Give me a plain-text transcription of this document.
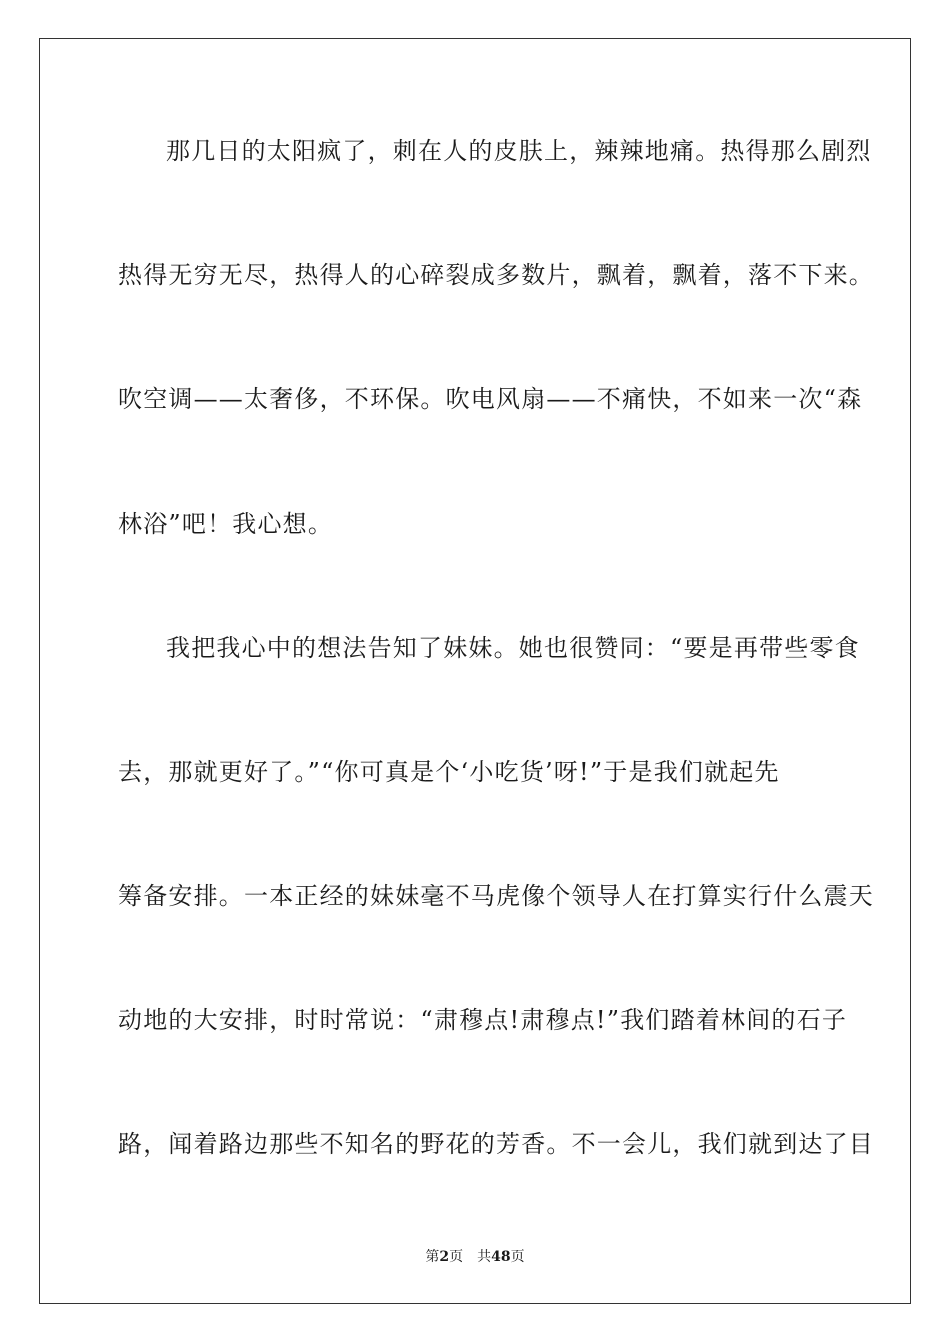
那几日的太阳疯了，刺在人的皮肤上，辣辣地痛。热得那么剧烈
热得无穷无尽，热得人的心碎裂成多数片，飘着，飘着，落不下来。
吹空调——太奢侈，不环保。吹电风扇——不痛快，不如来一次“森
林浴”吧！我心想。
我把我心中的想法告知了妹妹。她也很赞同：“要是再带些零食
去，那就更好了。”“你可真是个‘小吃货’呀!”于是我们就起先
筹备安排。一本正经的妹妹毫不马虎像个领导人在打算实行什么震天
动地的大安排，时时常说：“肃穆点!肃穆点!”我们踏着林间的石子
路，闻着路边那些不知名的野花的芳香。不一会儿，我们就到达了目
第2页 共48页
